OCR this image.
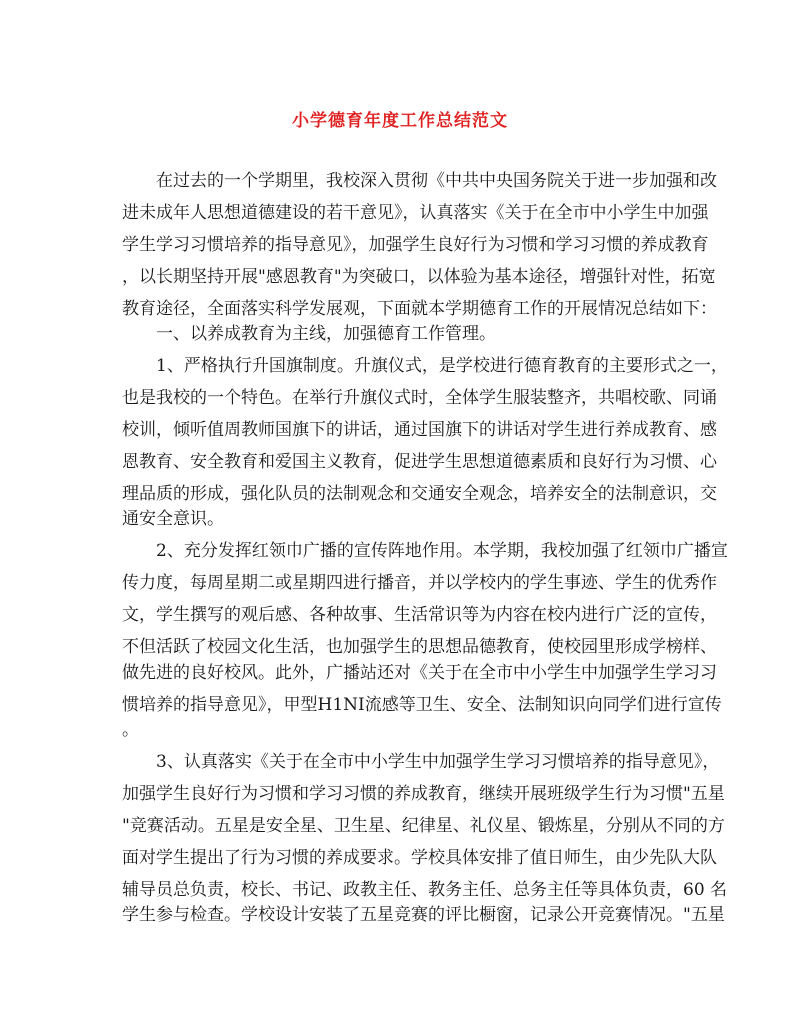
小学德育年度工作总结范文
在过去的一个学期里，我校深入贯彻《中共中央国务院关于进一步加强和改
进未成年人思想道德建设的若干意见》，认真落实《关于在全市中小学生中加强
学生学习习惯培养的指导意见》，加强学生良好行为习惯和学习习惯的养成教育
，以长期坚持开展"感恩教育"为突破口，以体验为基本途径，增强针对性，拓宽
教育途径，全面落实科学发展观，下面就本学期德育工作的开展情况总结如下：
一、以养成教育为主线，加强德育工作管理。
1、严格执行升国旗制度。升旗仪式，是学校进行德育教育的主要形式之一，
也是我校的一个特色。在举行升旗仪式时，全体学生服装整齐，共唱校歌、同诵
校训，倾听值周教师国旗下的讲话，通过国旗下的讲话对学生进行养成教育、感
恩教育、安全教育和爱国主义教育，促进学生思想道德素质和良好行为习惯、心
理品质的形成，强化队员的法制观念和交通安全观念，培养安全的法制意识，交
通安全意识。
2、充分发挥红领巾广播的宣传阵地作用。本学期，我校加强了红领巾广播宣
传力度，每周星期二或星期四进行播音，并以学校内的学生事迹、学生的优秀作
文，学生撰写的观后感、各种故事、生活常识等为内容在校内进行广泛的宣传，
不但活跃了校园文化生活，也加强学生的思想品德教育，使校园里形成学榜样、
做先进的良好校风。此外，广播站还对《关于在全市中小学生中加强学生学习习
惯培养的指导意见》，甲型H1NI流感等卫生、安全、法制知识向同学们进行宣传
。
3、认真落实《关于在全市中小学生中加强学生学习习惯培养的指导意见》，
加强学生良好行为习惯和学习习惯的养成教育，继续开展班级学生行为习惯"五星
"竞赛活动。五星是安全星、卫生星、纪律星、礼仪星、锻炼星，分别从不同的方
面对学生提出了行为习惯的养成要求。学校具体安排了值日师生，由少先队大队
辅导员总负责，校长、书记、政教主任、教务主任、总务主任等具体负责，60 名
学生参与检查。学校设计安装了五星竞赛的评比橱窗，记录公开竞赛情况。"五星
